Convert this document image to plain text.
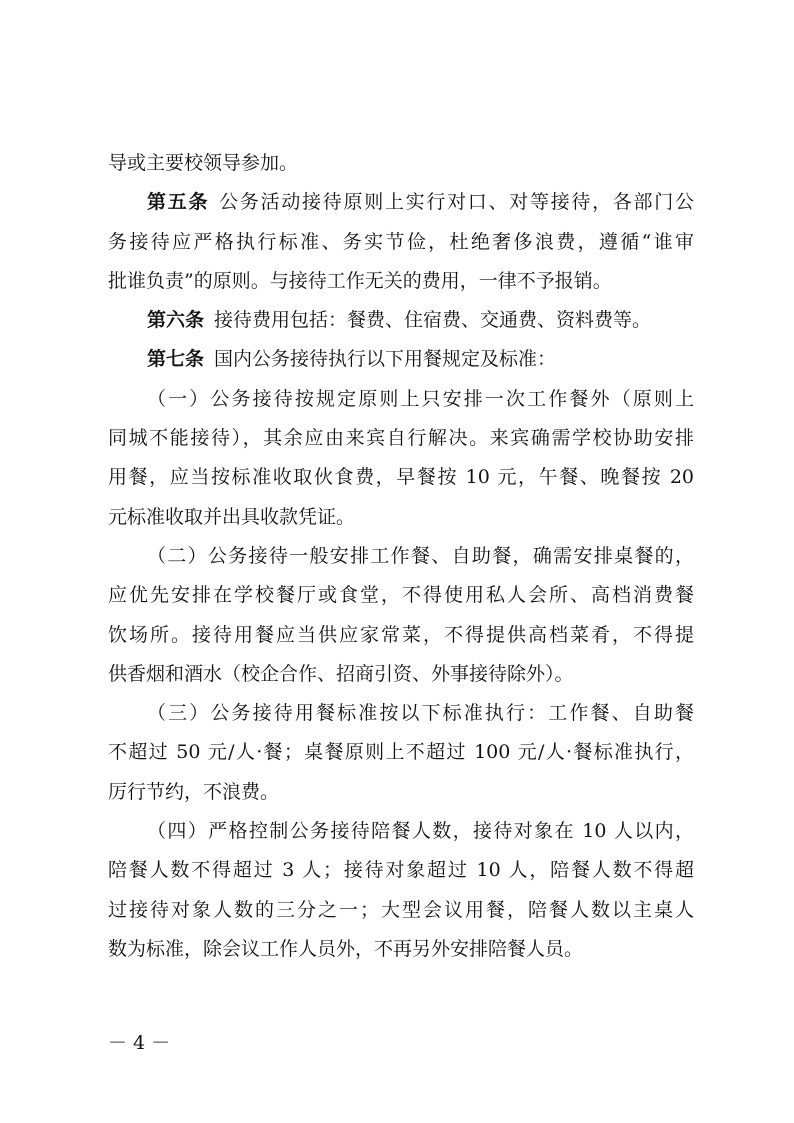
导或主要校领导参加。
第五条 公务活动接待原则上实行对口、对等接待，各部门公
务接待应严格执行标准、务实节俭，杜绝奢侈浪费，遵循“谁审
批谁负责”的原则。与接待工作无关的费用，一律不予报销。
第六条 接待费用包括：餐费、住宿费、交通费、资料费等。
第七条 国内公务接待执行以下用餐规定及标准：
（一）公务接待按规定原则上只安排一次工作餐外（原则上
同城不能接待），其余应由来宾自行解决。来宾确需学校协助安排
用餐，应当按标准收取伙食费，早餐按 10 元，午餐、晚餐按 20
元标准收取并出具收款凭证。
（二）公务接待一般安排工作餐、自助餐，确需安排桌餐的，
应优先安排在学校餐厅或食堂，不得使用私人会所、高档消费餐
饮场所。接待用餐应当供应家常菜，不得提供高档菜肴，不得提
供香烟和酒水（校企合作、招商引资、外事接待除外）。
（三）公务接待用餐标准按以下标准执行：工作餐、自助餐
不超过 50 元/人·餐；桌餐原则上不超过 100 元/人·餐标准执行，
厉行节约，不浪费。
（四）严格控制公务接待陪餐人数，接待对象在 10 人以内，
陪餐人数不得超过 3 人；接待对象超过 10 人，陪餐人数不得超
过接待对象人数的三分之一；大型会议用餐，陪餐人数以主桌人
数为标准，除会议工作人员外，不再另外安排陪餐人员。
－ 4 －
